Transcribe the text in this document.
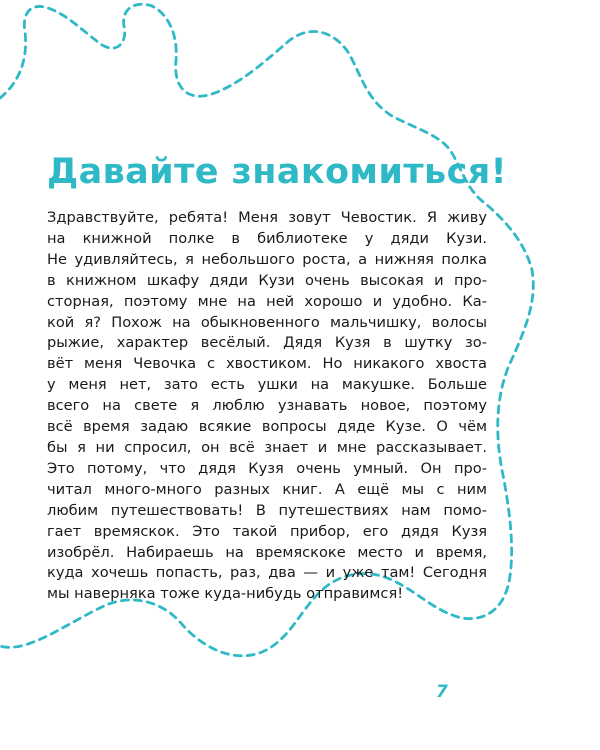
Давайте знакомиться!
Здравствуйте, ребята! Меня зовут Чевостик. Я живу
на книжной полке в библиотеке у дяди Кузи.
Не удивляйтесь, я небольшого роста, а нижняя полка
в книжном шкафу дяди Кузи очень высокая и про-
сторная, поэтому мне на ней хорошо и удобно. Ка-
кой я? Похож на обыкновенного мальчишку, волосы
рыжие, характер весёлый. Дядя Кузя в шутку зо-
вёт меня Чевочка с хвостиком. Но никакого хвоста
у меня нет, зато есть ушки на макушке. Больше
всего на свете я люблю узнавать новое, поэтому
всё время задаю всякие вопросы дяде Кузе. О чём
бы я ни спросил, он всё знает и мне рассказывает.
Это потому, что дядя Кузя очень умный. Он про-
читал много-много разных книг. А ещё мы с ним
любим путешествовать! В путешествиях нам помо-
гает времяскок. Это такой прибор, его дядя Кузя
изобрёл. Набираешь на времяскоке место и время,
куда хочешь попасть, раз, два — и уже там! Сегодня
мы наверняка тоже куда-нибудь отправимся!
7
